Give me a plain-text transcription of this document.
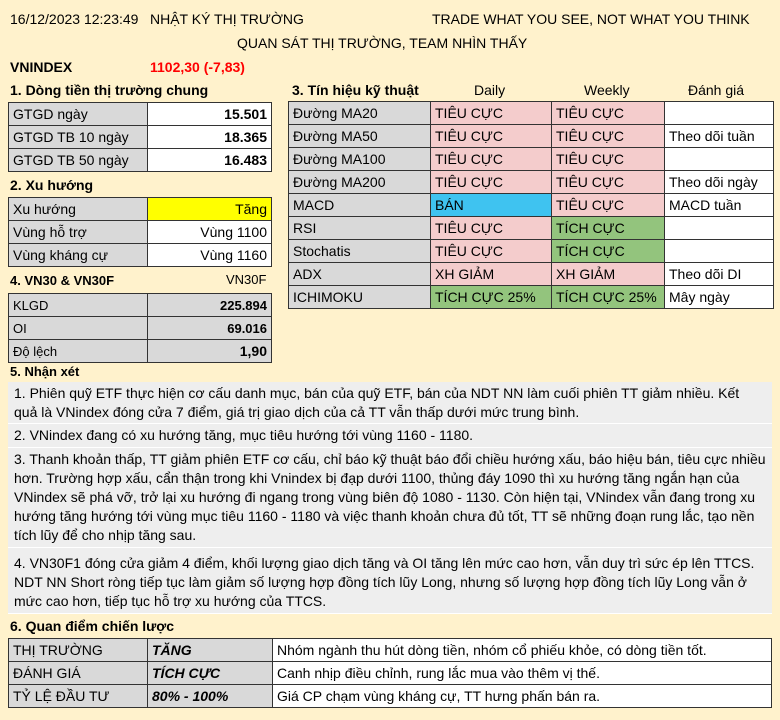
16/12/2023 12:23:49 NHẬT KÝ THỊ TRƯỜNG	TRADE WHAT YOU SEE, NOT WHAT YOU THINK
QUAN SÁT THỊ TRƯỜNG, TEAM NHÌN THẤY
VNINDEX	1102,30 (-7,83)
1. Dòng tiền thị trường chung
GTGD ngày	15.501
GTGD TB 10 ngày	18.365
GTGD TB 50 ngày	16.483
2. Xu hướng
Xu hướng	Tăng
Vùng hỗ trợ	Vùng 1100
Vùng kháng cự	Vùng 1160
4. VN30 & VN30F	VN30F
KLGD	225.894
OI	69.016
Độ lệch	1,90
3. Tín hiệu kỹ thuật	Daily	Weekly	Đánh giá
Đường MA20	TIÊU CỰC	TIÊU CỰC	
Đường MA50	TIÊU CỰC	TIÊU CỰC	Theo dõi tuần
Đường MA100	TIÊU CỰC	TIÊU CỰC	
Đường MA200	TIÊU CỰC	TIÊU CỰC	Theo dõi ngày
MACD	BÁN	TIÊU CỰC	MACD tuần
RSI	TIÊU CỰC	TÍCH CỰC	
Stochatis	TIÊU CỰC	TÍCH CỰC	
ADX	XH GIẢM	XH GIẢM	Theo dõi DI
ICHIMOKU	TÍCH CỰC 25%	TÍCH CỰC 25%	Mây ngày
5. Nhận xét
1. Phiên quỹ ETF thực hiện cơ cấu danh mục, bán của quỹ ETF, bán của NDT NN làm cuối phiên TT giảm nhiều. Kết quả là VNindex đóng cửa 7 điểm, giá trị giao dịch của cả TT vẫn thấp dưới mức trung bình.
2. VNindex đang có xu hướng tăng, mục tiêu hướng tới vùng 1160 - 1180.
3. Thanh khoản thấp, TT giảm phiên ETF cơ cấu, chỉ báo kỹ thuật báo đổi chiều hướng xấu, báo hiệu bán, tiêu cực nhiều hơn. Trường hợp xấu, cẩn thận trong khi Vnindex bị đạp dưới 1100, thủng đáy 1090 thì xu hướng tăng ngắn hạn của VNindex sẽ phá vỡ, trở lại xu hướng đi ngang trong vùng biên độ 1080 - 1130. Còn hiện tại, VNindex vẫn đang trong xu hướng tăng hướng tới vùng mục tiêu 1160 - 1180 và việc thanh khoản chưa đủ tốt, TT sẽ những đoạn rung lắc, tạo nền tích lũy để cho nhịp tăng sau.
4. VN30F1 đóng cửa giảm 4 điểm, khối lượng giao dịch tăng và OI tăng lên mức cao hơn, vẫn duy trì sức ép lên TTCS. NDT NN Short ròng tiếp tục làm giảm số lượng hợp đồng tích lũy Long, nhưng số lượng hợp đồng tích lũy Long vẫn ở mức cao hơn, tiếp tục hỗ trợ xu hướng của TTCS.
6. Quan điểm chiến lược
THỊ TRƯỜNG	TĂNG	Nhóm ngành thu hút dòng tiền, nhóm cổ phiếu khỏe, có dòng tiền tốt.
ĐÁNH GIÁ	TÍCH CỰC	Canh nhịp điều chỉnh, rung lắc mua vào thêm vị thế.
TỶ LỆ ĐẦU TƯ	80% - 100%	Giá CP chạm vùng kháng cự, TT hưng phấn bán ra.
